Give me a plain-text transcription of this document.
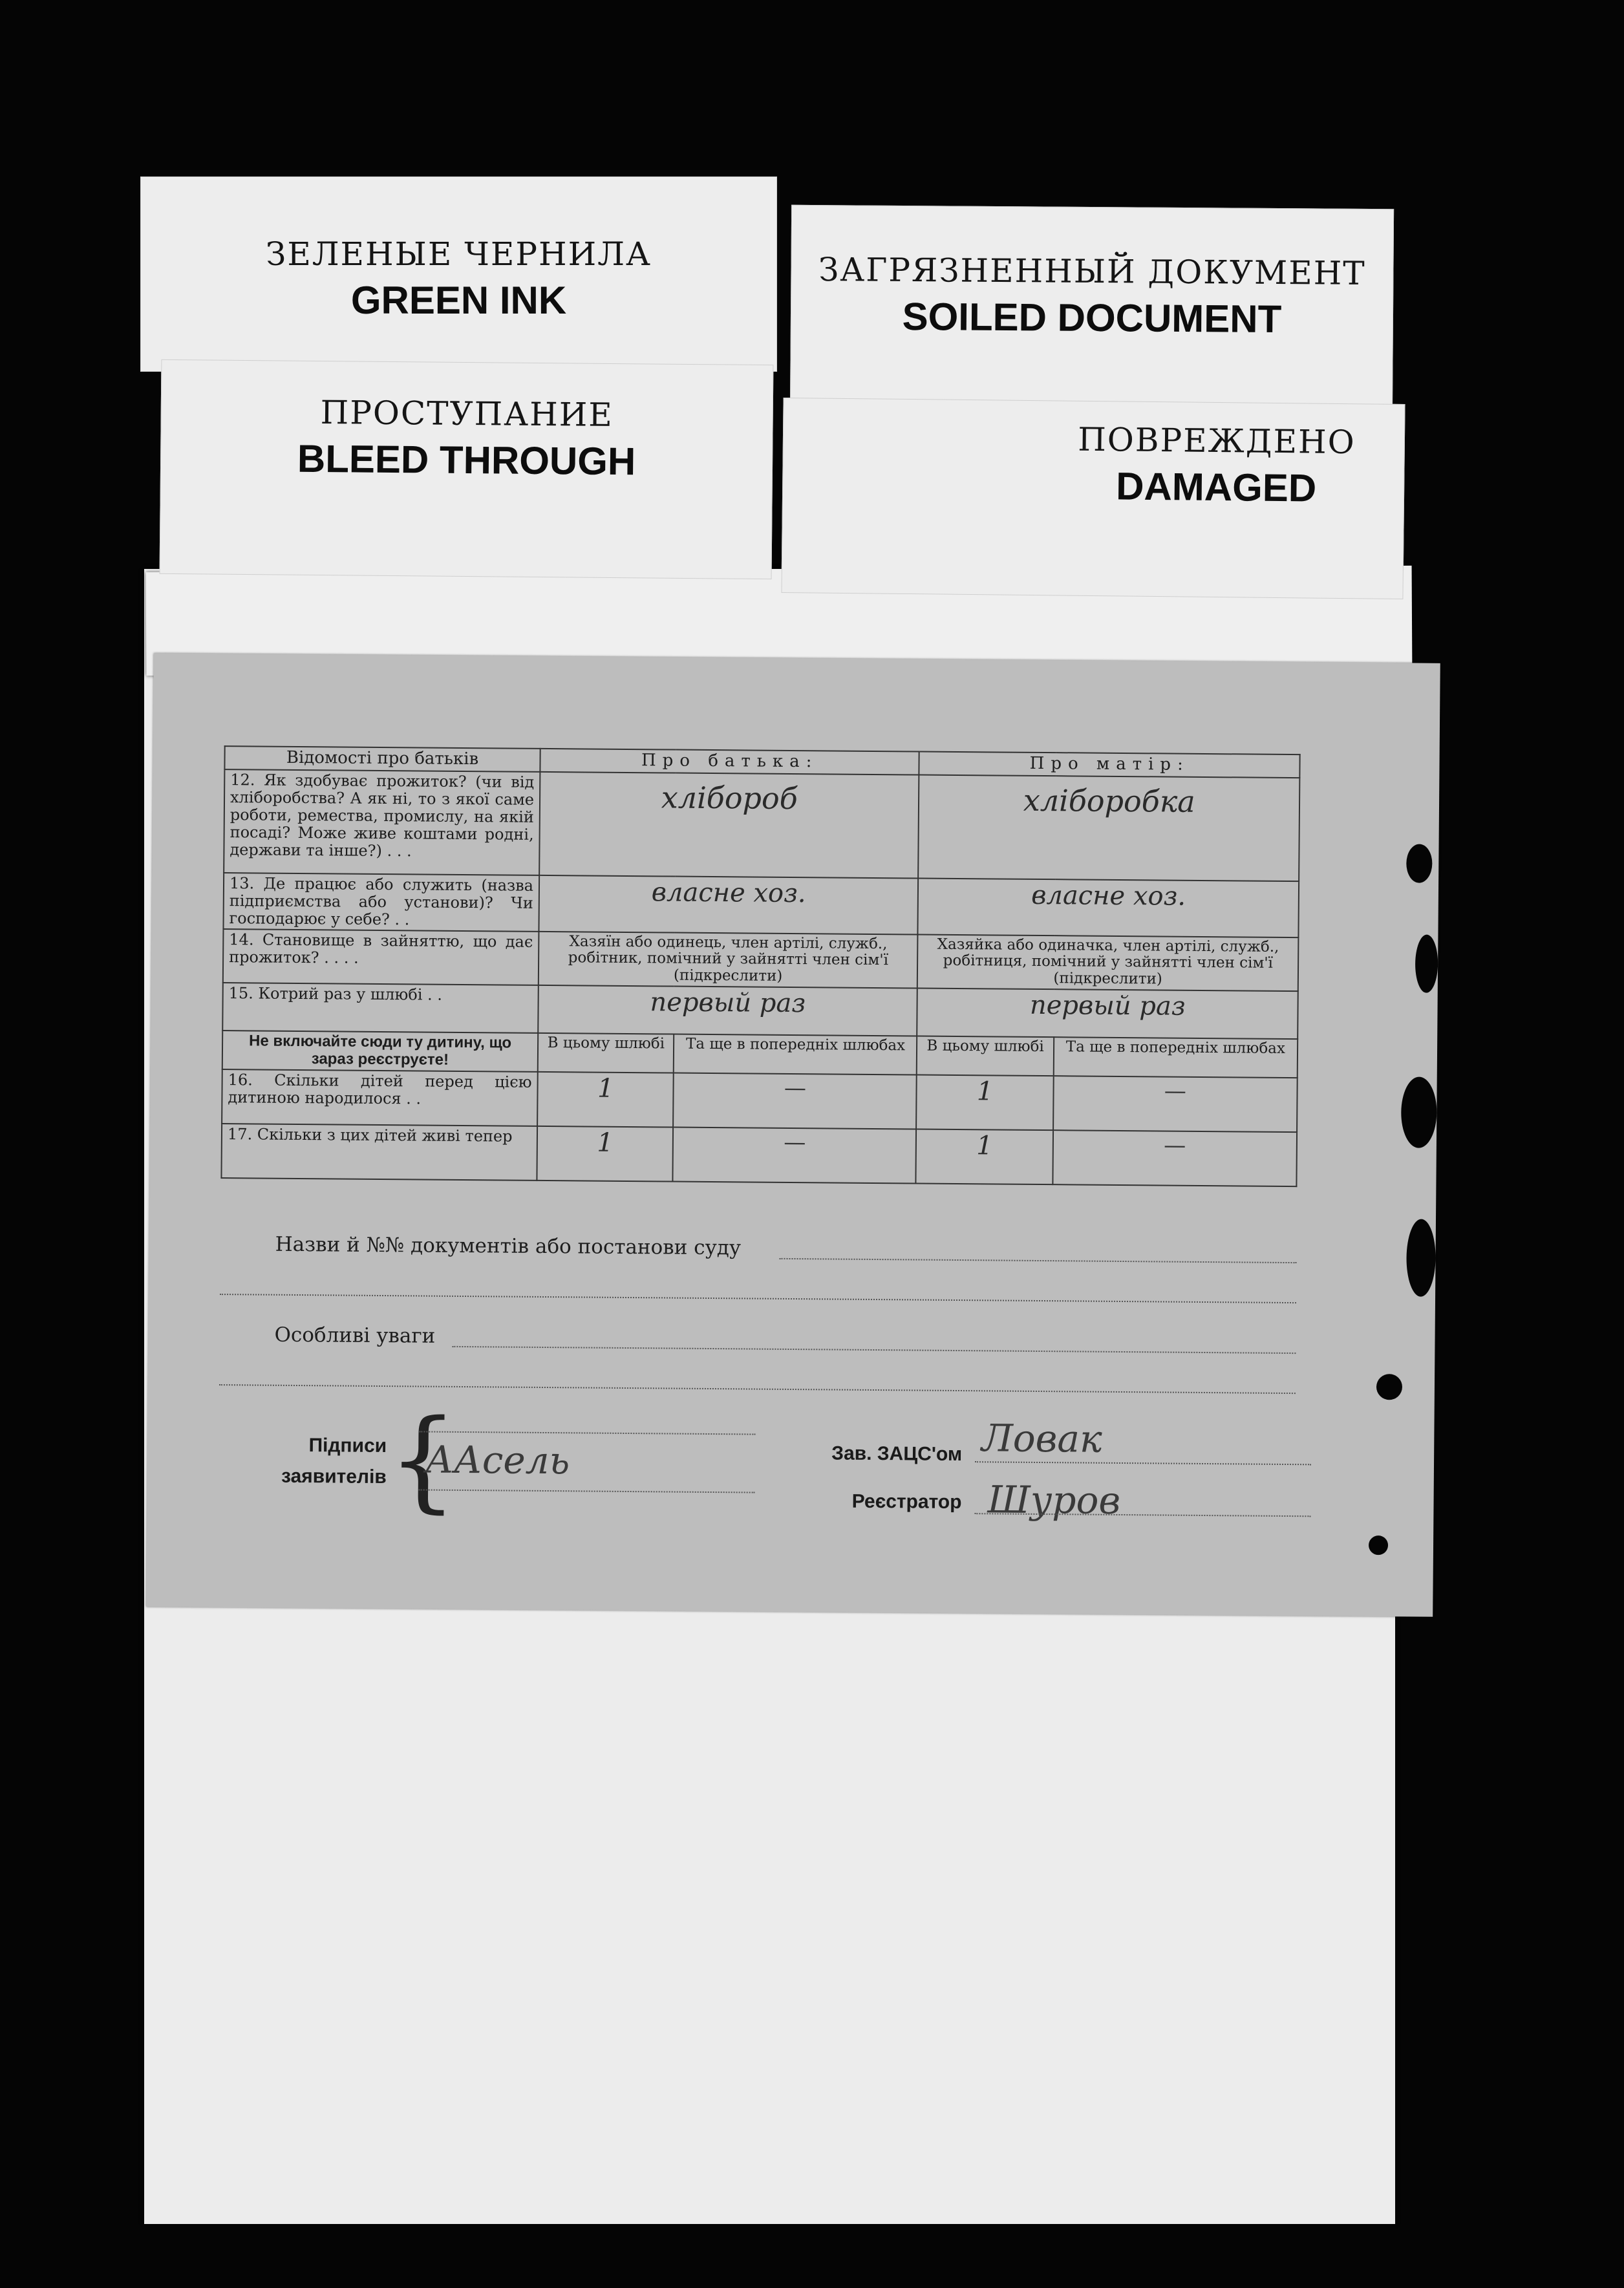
ЗЕЛЕНЫЕ ЧЕРНИЛА
GREEN INK
ЗАГРЯЗНЕННЫЙ ДОКУМЕНТ
SOILED DOCUMENT
ПОВРЕЖДЕНО
DAMAGED
ПРОСТУПАНИЕ
BLEED THROUGH
Відомості про батьків	Про батька:		Про матір:	
12. Як здобуває прожиток? (чи від хліборобства? А як ні, то з якої саме роботи, ремества, промислу, на якій посаді? Може живе коштами родні, держави та інше?) . . .	хлібороб		хліборобка	

13. Де працює або служить (назва підприємства або установи)? Чи господарює у себе? . .	власне хоз.		власне хоз.	

14. Становище в зайняттю, що дає прожиток? . . . .	Хазяїн або одинець, член артілі, служб., робітник, помічний у зайнятті член сім'ї (підкреслити)		Хазяйка або одиначка, член артілі, служб., робітниця, помічний у зайнятті член сім'ї (підкреслити)	
15. Котрий раз у шлюбі . .	первый раз		первый раз	

Не включайте сюди ту дитину, що зараз реєструєте!	В цьому шлюбі	Та ще в попередніх шлюбах	В цьому шлюбі	Та ще в попередніх шлюбах
16. Скільки дітей перед цією дитиною народилося . .	1	—	1	—

17. Скільки з цих дітей живі тепер	1	—	1	—
Назви й №№ документів або постанови суду
Особливі уваги
Підписи
заявителів {
ААсель	Зав. ЗАЦС'ом Ловак
Реєстратор Шуров
